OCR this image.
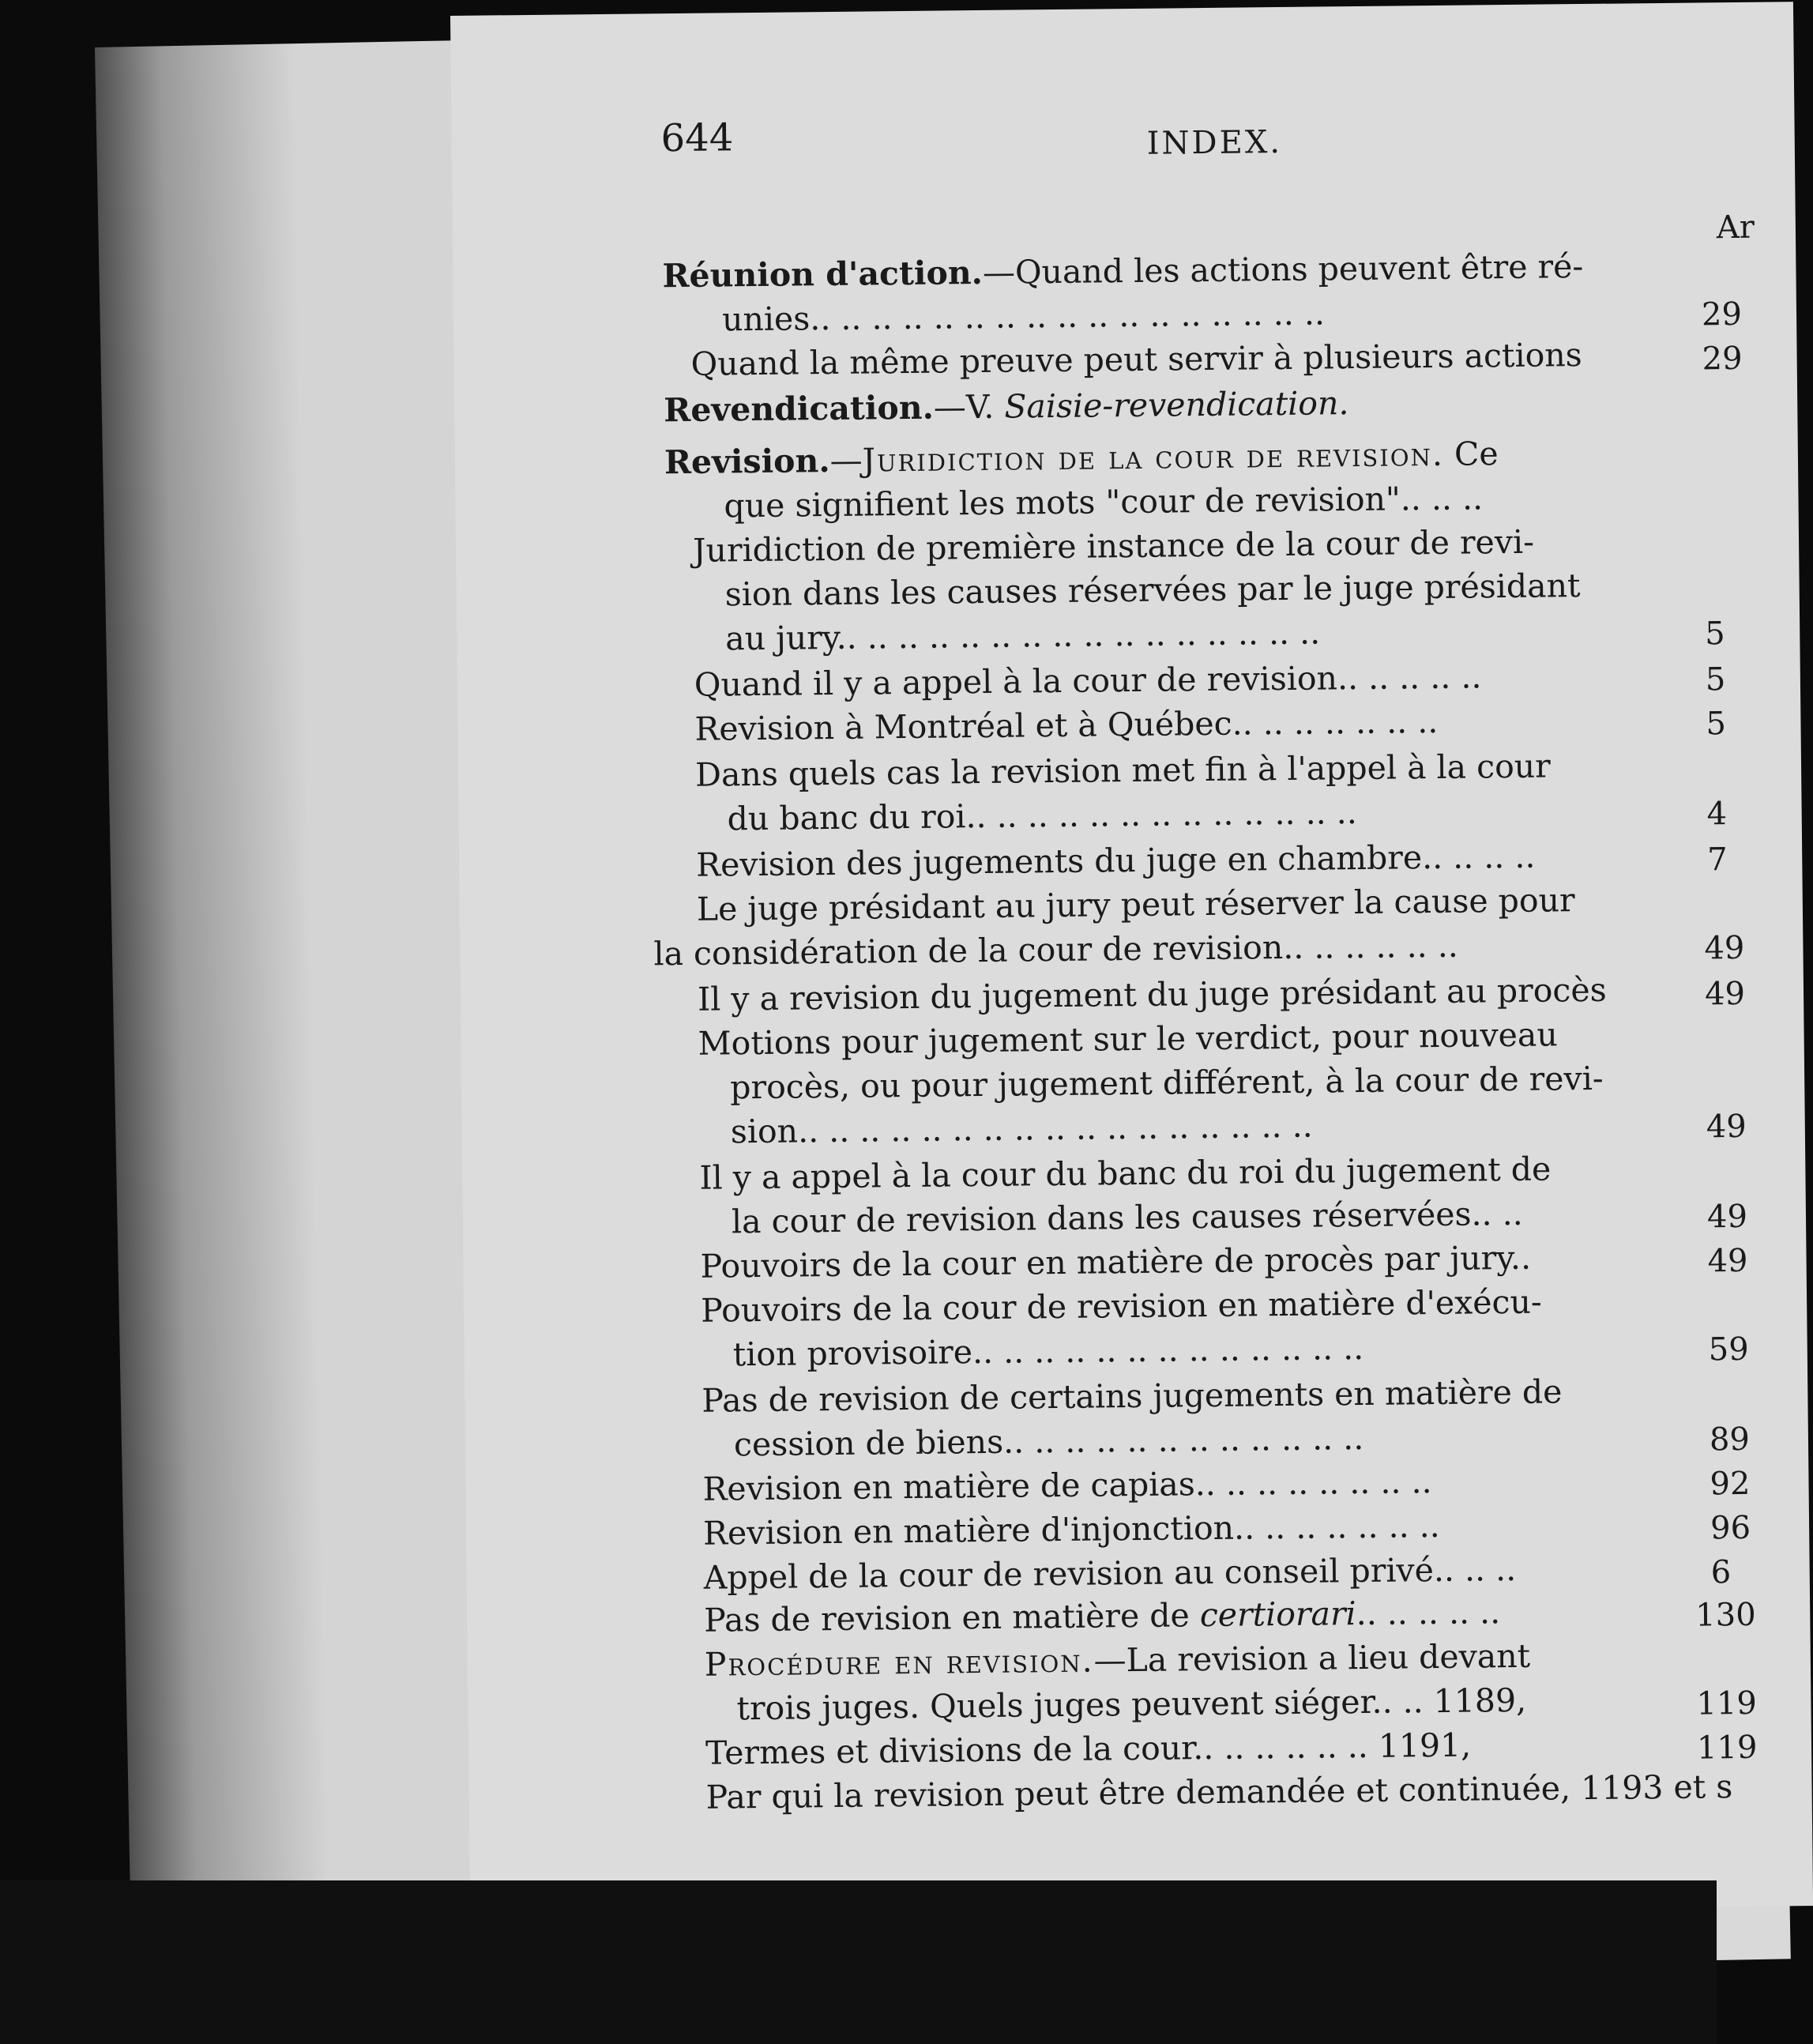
644	INDEX.
Ar
Réunion d'action.—Quand les actions peuvent être ré-
unies.. .. .. .. .. .. .. .. .. .. .. .. .. .. .. .. ..	29
Quand la même preuve peut servir à plusieurs actions	29
Revendication.—V. Saisie-revendication.
Revision.—Juridiction de la cour de revision. Ce
que signifient les mots "cour de revision".. .. ..
Juridiction de première instance de la cour de revi-
sion dans les causes réservées par le juge présidant
au jury.. .. .. .. .. .. .. .. .. .. .. .. .. .. .. ..	5
Quand il y a appel à la cour de revision.. .. .. .. ..	5
Revision à Montréal et à Québec.. .. .. .. .. .. ..	5
Dans quels cas la revision met fin à l'appel à la cour
du banc du roi.. .. .. .. .. .. .. .. .. .. .. .. ..	4
Revision des jugements du juge en chambre.. .. .. ..	7
Le juge présidant au jury peut réserver la cause pour
la considération de la cour de revision.. .. .. .. .. ..	49
Il y a revision du jugement du juge présidant au procès	49
Motions pour jugement sur le verdict, pour nouveau
procès, ou pour jugement différent, à la cour de revi-
sion.. .. .. .. .. .. .. .. .. .. .. .. .. .. .. .. ..	49
Il y a appel à la cour du banc du roi du jugement de
la cour de revision dans les causes réservées.. ..	49
Pouvoirs de la cour en matière de procès par jury..	49
Pouvoirs de la cour de revision en matière d'exécu-
tion provisoire.. .. .. .. .. .. .. .. .. .. .. .. ..	59
Pas de revision de certains jugements en matière de
cession de biens.. .. .. .. .. .. .. .. .. .. .. ..	89
Revision en matière de capias.. .. .. .. .. .. .. ..	92
Revision en matière d'injonction.. .. .. .. .. .. ..	96
Appel de la cour de revision au conseil privé.. .. ..	6
Pas de revision en matière de certiorari.. .. .. .. ..	130
Procédure en revision.—La revision a lieu devant
trois juges. Quels juges peuvent siéger.. .. 1189,	119
Termes et divisions de la cour.. .. .. .. .. .. 1191,	119
Par qui la revision peut être demandée et continuée, 1193 et s
